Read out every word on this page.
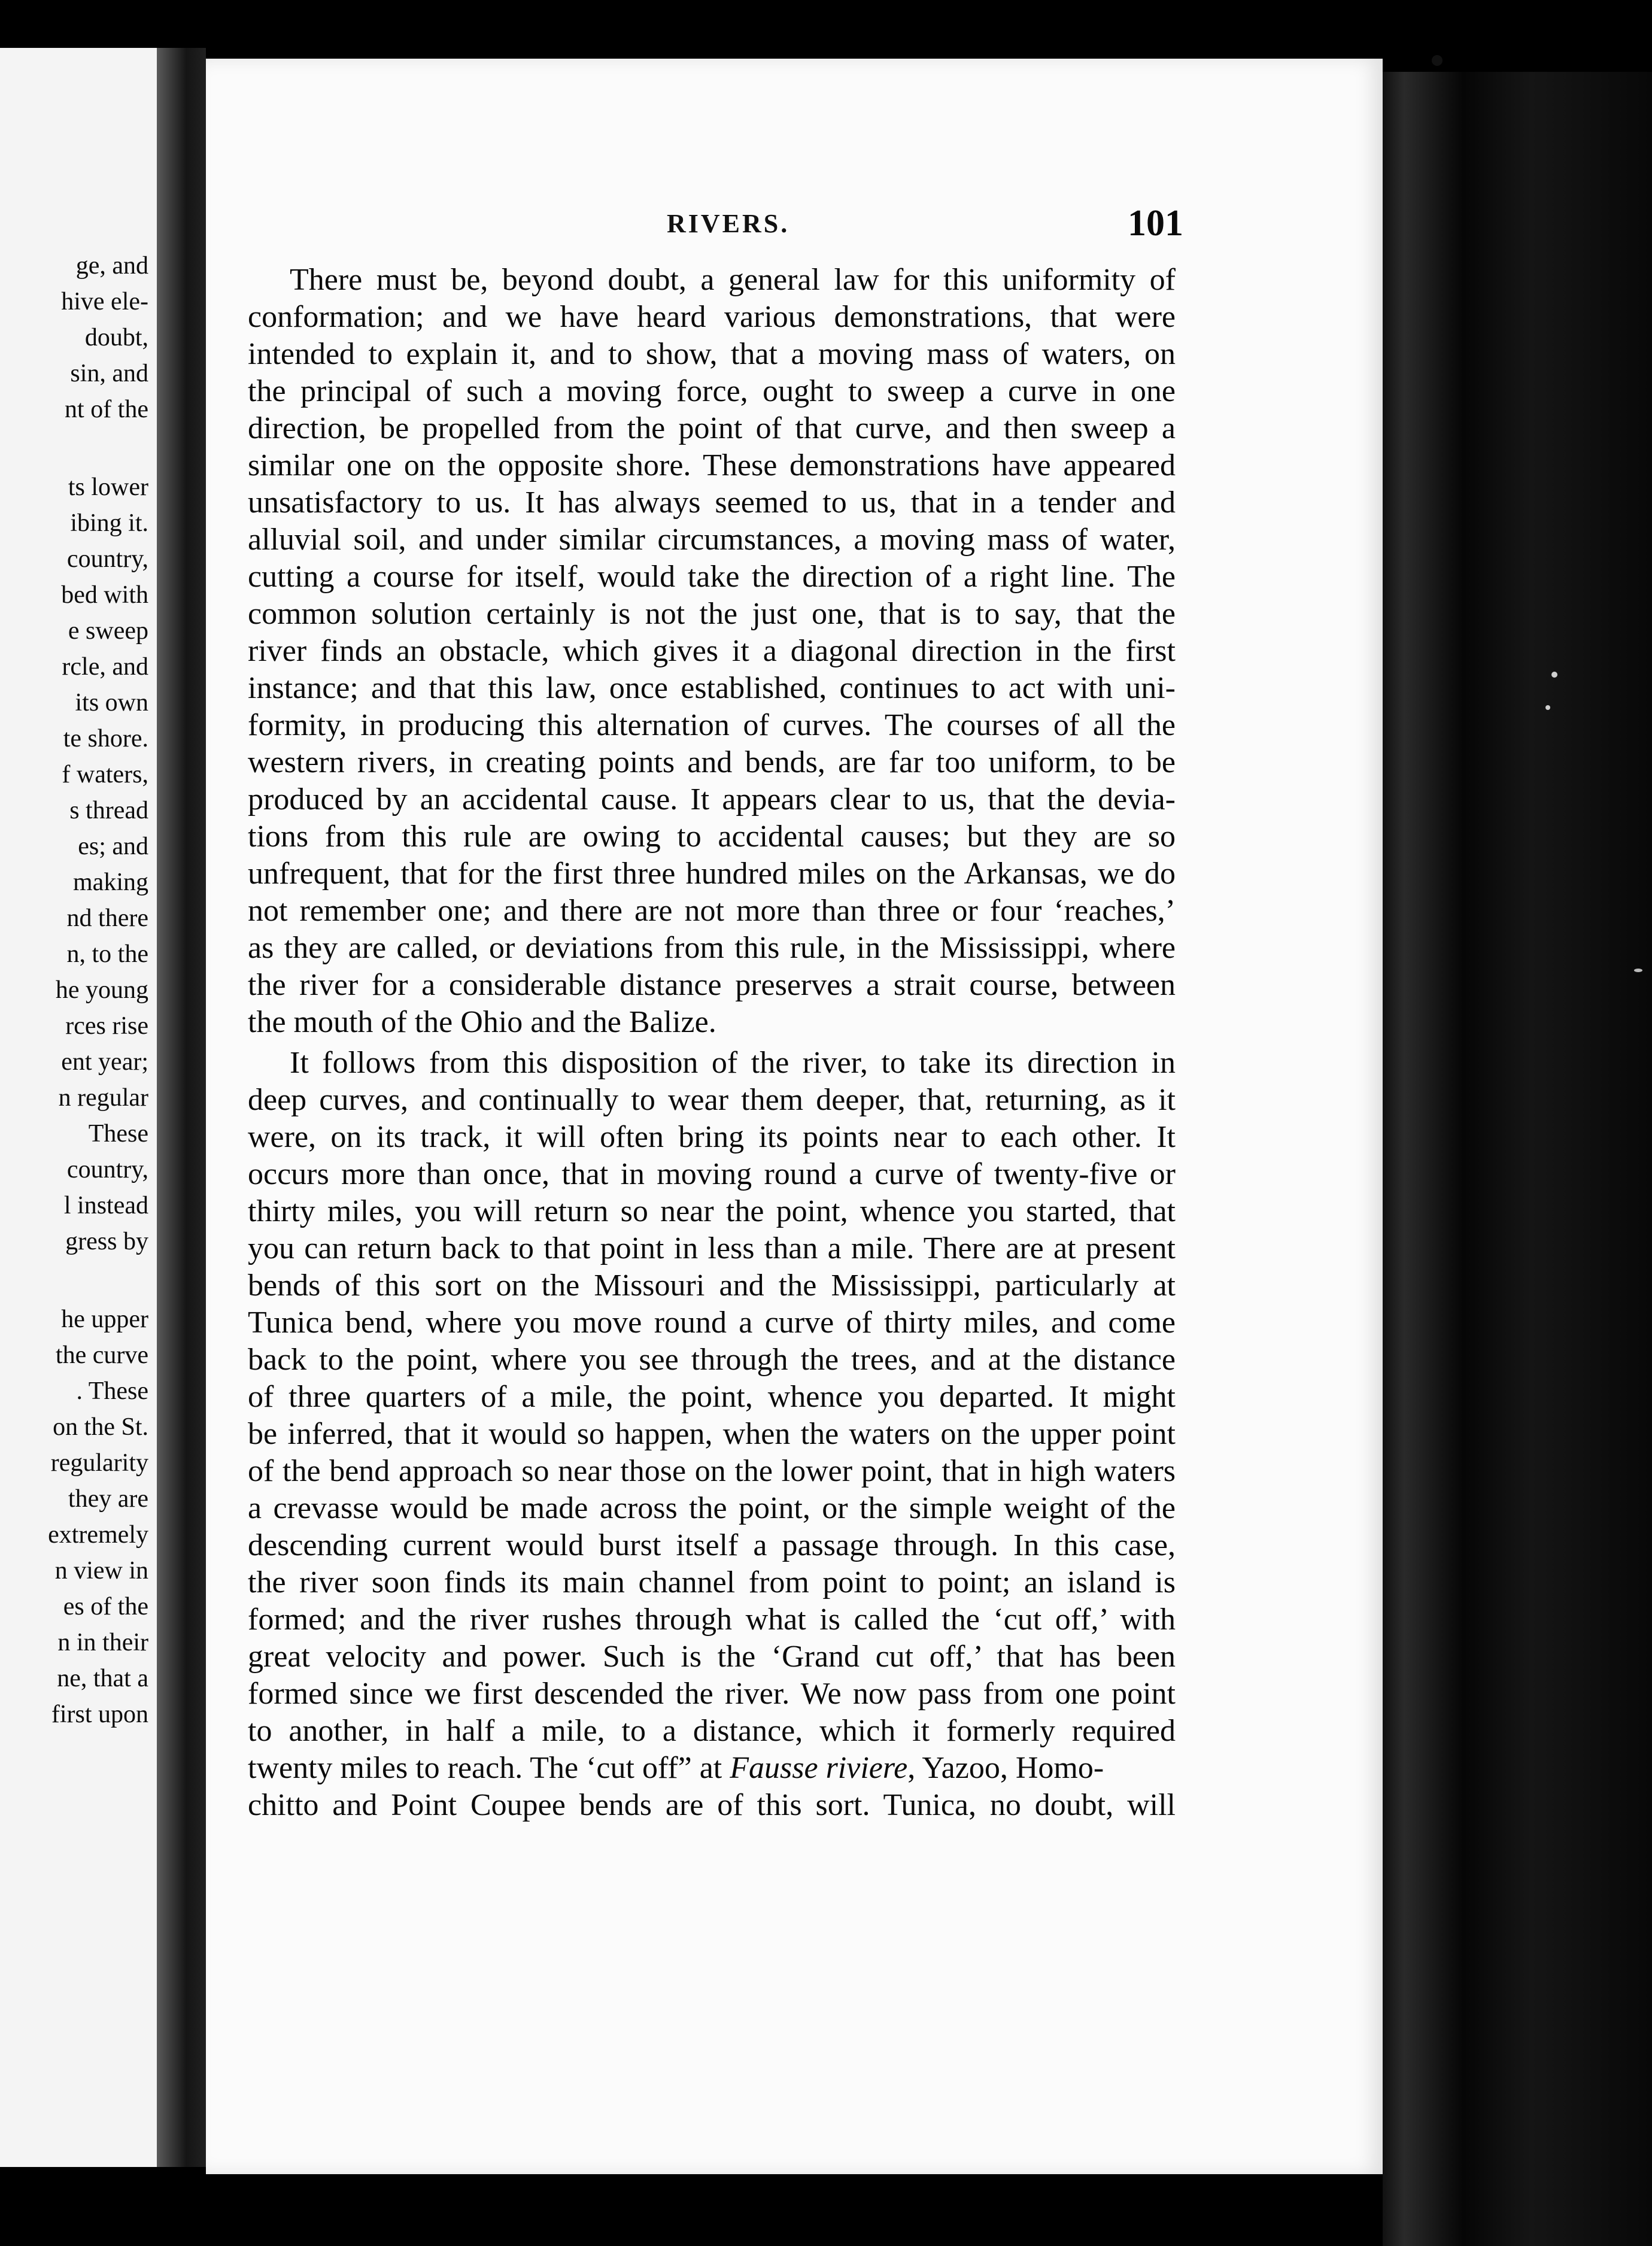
ge, and
hive ele-
doubt,
sin, and
nt of the
ts lower
ibing it.
country,
bed with
e sweep
rcle, and
its own
te shore.
f waters,
s thread
es; and
making
nd there
n, to the
he young
rces rise
ent year;
n regular
These
country,
l instead
gress by
he upper
the curve
. These
on the St.
regularity
they are
extremely
n view in
es of the
n in their
ne, that a
first upon
RIVERS.	101
There must be, beyond doubt, a general law for this uniformity of
conformation; and we have heard various demonstrations, that were
intended to explain it, and to show, that a moving mass of waters, on
the principal of such a moving force, ought to sweep a curve in one
direction, be propelled from the point of that curve, and then sweep a
similar one on the opposite shore. These demonstrations have appeared
unsatisfactory to us. It has always seemed to us, that in a tender and
alluvial soil, and under similar circumstances, a moving mass of water,
cutting a course for itself, would take the direction of a right line. The
common solution certainly is not the just one, that is to say, that the
river finds an obstacle, which gives it a diagonal direction in the first
instance; and that this law, once established, continues to act with uni-
formity, in producing this alternation of curves. The courses of all the
western rivers, in creating points and bends, are far too uniform, to be
produced by an accidental cause. It appears clear to us, that the devia-
tions from this rule are owing to accidental causes; but they are so
unfrequent, that for the first three hundred miles on the Arkansas, we do
not remember one; and there are not more than three or four ‘reaches,’
as they are called, or deviations from this rule, in the Mississippi, where
the river for a considerable distance preserves a strait course, between
the mouth of the Ohio and the Balize.
It follows from this disposition of the river, to take its direction in
deep curves, and continually to wear them deeper, that, returning, as it
were, on its track, it will often bring its points near to each other. It
occurs more than once, that in moving round a curve of twenty-five or
thirty miles, you will return so near the point, whence you started, that
you can return back to that point in less than a mile. There are at present
bends of this sort on the Missouri and the Mississippi, particularly at
Tunica bend, where you move round a curve of thirty miles, and come
back to the point, where you see through the trees, and at the distance
of three quarters of a mile, the point, whence you departed. It might
be inferred, that it would so happen, when the waters on the upper point
of the bend approach so near those on the lower point, that in high waters
a crevasse would be made across the point, or the simple weight of the
descending current would burst itself a passage through. In this case,
the river soon finds its main channel from point to point; an island is
formed; and the river rushes through what is called the ‘cut off,’ with
great velocity and power. Such is the ‘Grand cut off,’ that has been
formed since we first descended the river. We now pass from one point
to another, in half a mile, to a distance, which it formerly required
twenty miles to reach. The ‘cut off” at Fausse riviere, Yazoo, Homo-
chitto and Point Coupee bends are of this sort. Tunica, no doubt, will
